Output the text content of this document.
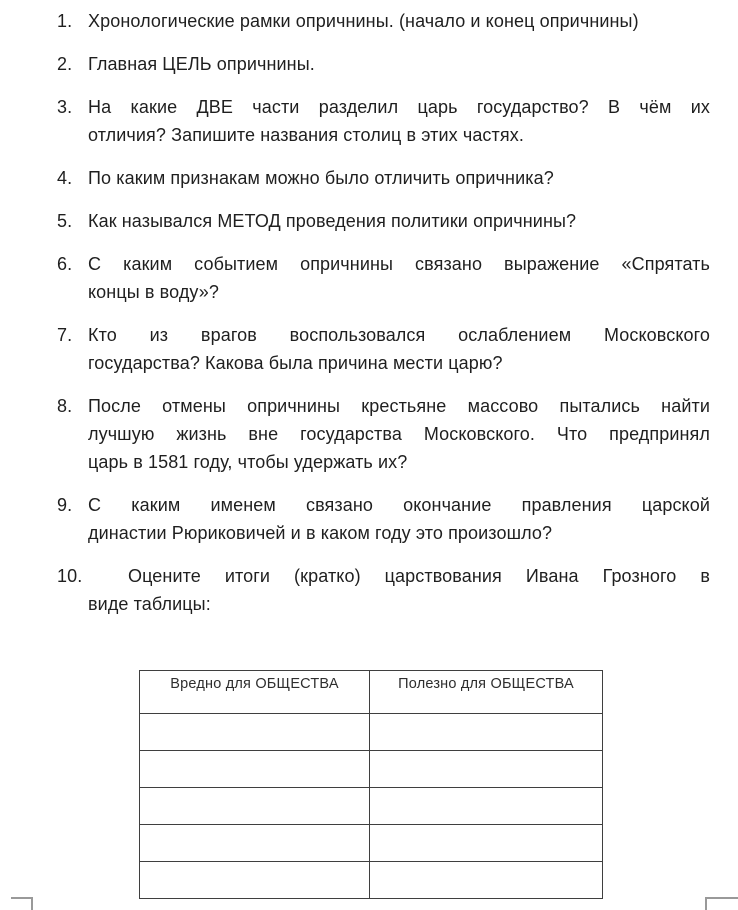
1. Хронологические рамки опричнины. (начало и конец опричнины)
2. Главная ЦЕЛЬ опричнины.
3. На какие ДВЕ части разделил царь государство? В чём их
отличия? Запишите названия столиц в этих частях.
4. По каким признакам можно было отличить опричника?
5. Как назывался МЕТОД проведения политики опричнины?
6. С каким событием опричнины связано выражение «Спрятать
концы в воду»?
7. Кто из врагов воспользовался ослаблением Московского
государства? Какова была причина мести царю?
8. После отмены опричнины крестьяне массово пытались найти
лучшую жизнь вне государства Московского. Что предпринял
царь в 1581 году, чтобы удержать их?
9. С каким именем связано окончание правления царской
династии Рюриковичей и в каком году это произошло?
10.	Оцените итоги (кратко) царствования Ивана Грозного в
виде таблицы:
Вредно для ОБЩЕСТВА	Полезно для ОБЩЕСТВА
